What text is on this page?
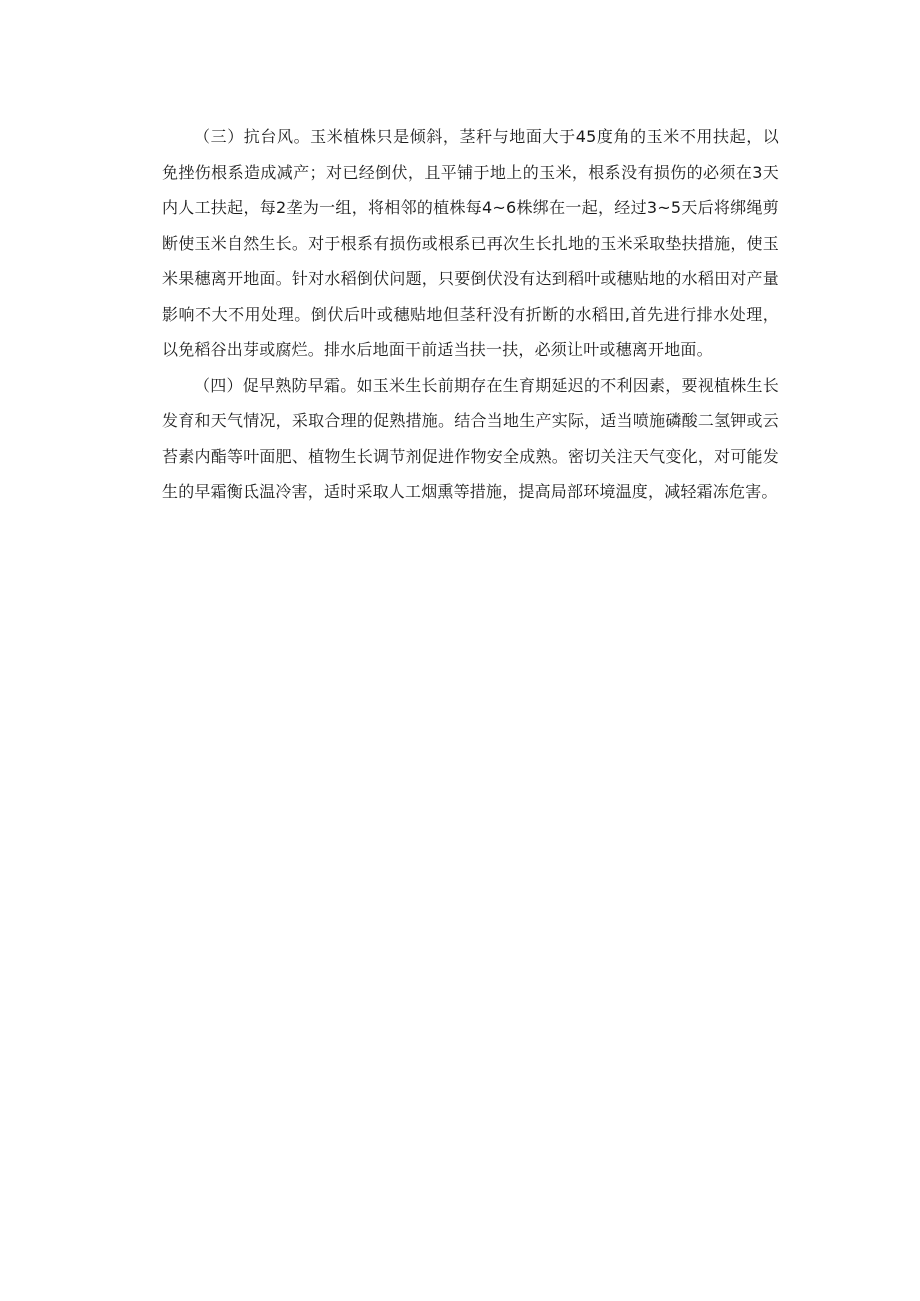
（三）抗台风。玉米植株只是倾斜，茎秆与地面大于45度角的玉米不用扶起，以免挫伤根系造成减产；对已经倒伏，且平铺于地上的玉米，根系没有损伤的必须在3天内人工扶起，每2垄为一组，将相邻的植株每4~6株绑在一起，经过3~5天后将绑绳剪断使玉米自然生长。对于根系有损伤或根系已再次生长扎地的玉米采取垫扶措施，使玉米果穗离开地面。针对水稻倒伏问题，只要倒伏没有达到稻叶或穗贴地的水稻田对产量影响不大不用处理。倒伏后叶或穗贴地但茎秆没有折断的水稻田,首先进行排水处理，以免稻谷出芽或腐烂。排水后地面干前适当扶一扶，必须让叶或穗离开地面。

（四）促早熟防早霜。如玉米生长前期存在生育期延迟的不利因素，要视植株生长发育和天气情况，采取合理的促熟措施。结合当地生产实际，适当喷施磷酸二氢钾或云苔素内酯等叶面肥、植物生长调节剂促进作物安全成熟。密切关注天气变化，对可能发生的早霜衡氐温冷害，适时采取人工烟熏等措施，提高局部环境温度，减轻霜冻危害。
